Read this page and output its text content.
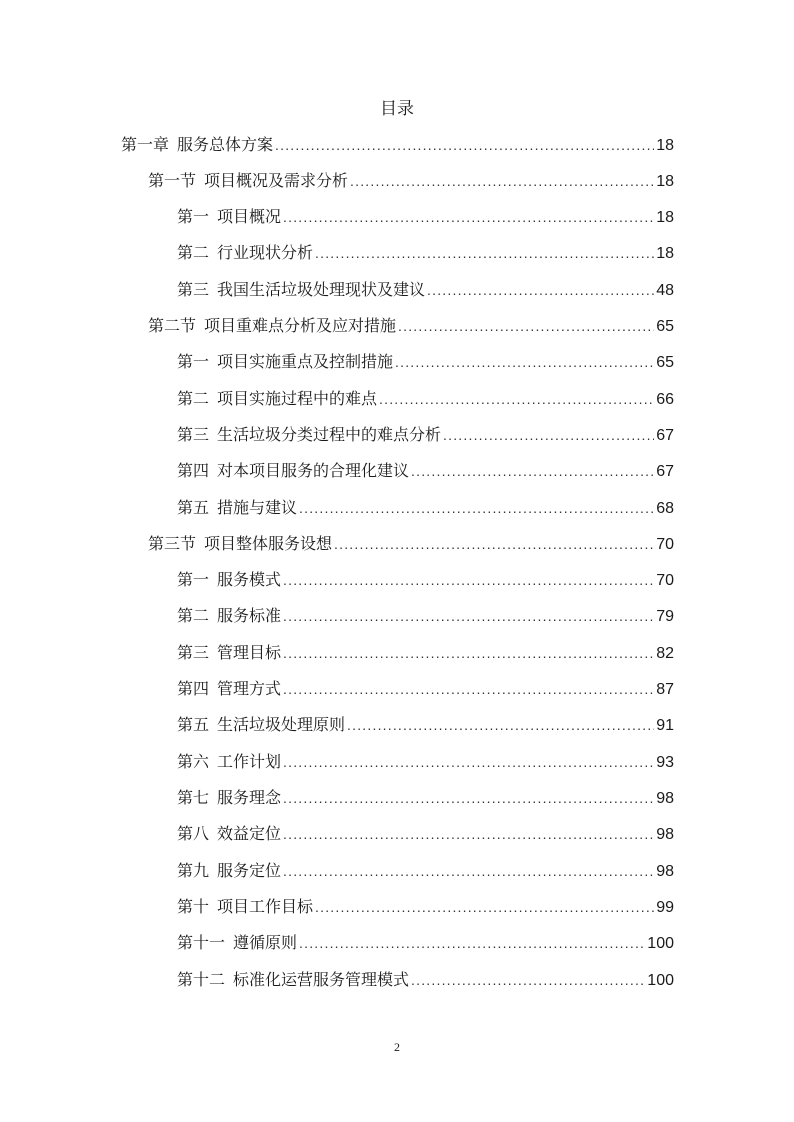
目录
第一章 服务总体方案 .....	18
第一节 项目概况及需求分析 .....	18
第一 项目概况 .....	18
第二 行业现状分析 .....	18
第三 我国生活垃圾处理现状及建议 .....	48
第二节 项目重难点分析及应对措施 .....	65
第一 项目实施重点及控制措施 .....	65
第二 项目实施过程中的难点 .....	66
第三 生活垃圾分类过程中的难点分析 .....	67
第四 对本项目服务的合理化建议 .....	67
第五 措施与建议 .....	68
第三节 项目整体服务设想 .....	70
第一 服务模式 .....	70
第二 服务标准 .....	79
第三 管理目标 .....	82
第四 管理方式 .....	87
第五 生活垃圾处理原则 .....	91
第六 工作计划 .....	93
第七 服务理念 .....	98
第八 效益定位 .....	98
第九 服务定位 .....	98
第十 项目工作目标 .....	99
第十一 遵循原则 .....	100
第十二 标准化运营服务管理模式 .....	100
2
